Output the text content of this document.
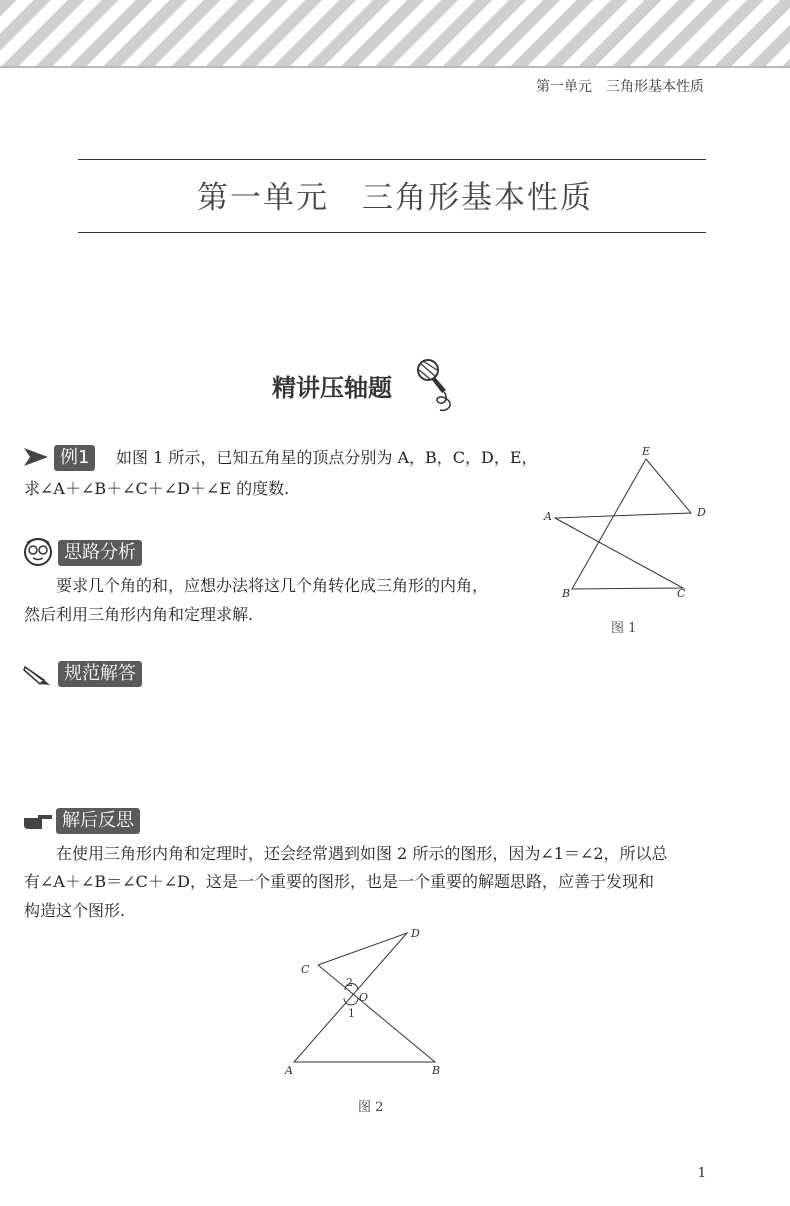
第一单元　三角形基本性质
第一单元　三角形基本性质
精讲压轴题
例1	如图 1 所示，已知五角星的顶点分别为 A，B，C，D，E，
求∠A＋∠B＋∠C＋∠D＋∠E 的度数.
E
A	D
B	C
图 1
思路分析
要求几个角的和，应想办法将这几个角转化成三角形的内角，
然后利用三角形内角和定理求解.
规范解答
解后反思
在使用三角形内角和定理时，还会经常遇到如图 2 所示的图形，因为∠1＝∠2，所以总
有∠A＋∠B＝∠C＋∠D，这是一个重要的图形，也是一个重要的解题思路，应善于发现和
构造这个图形.
C
D
O
2
1
A	B
图 2
1
